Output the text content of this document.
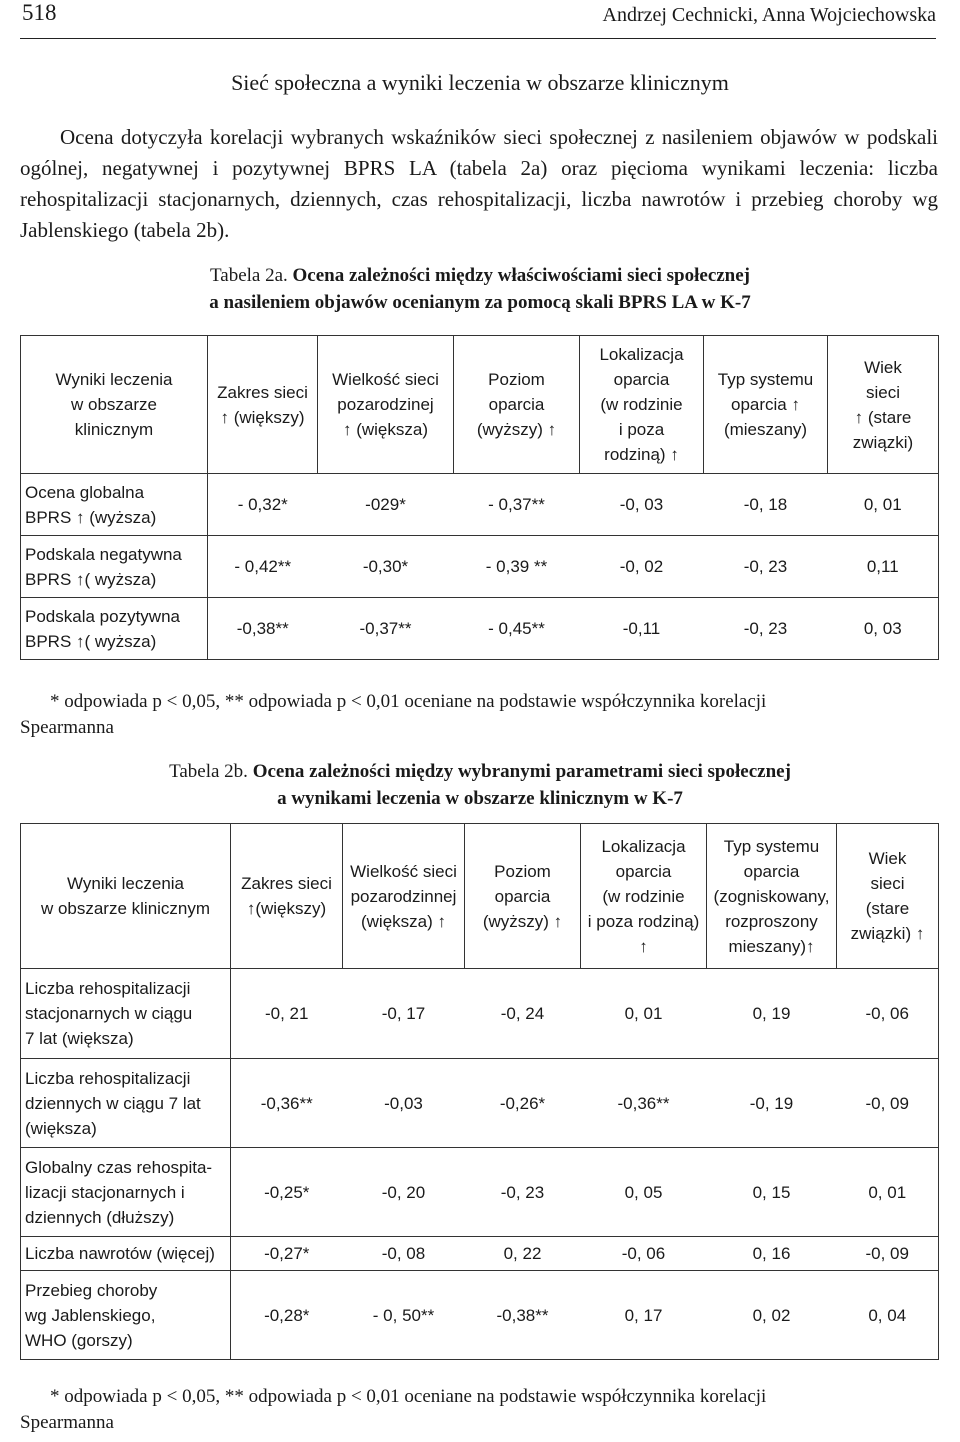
518	Andrzej Cechnicki, Anna Wojciechowska
Sieć społeczna a wyniki leczenia w obszarze klinicznym

Ocena dotyczyła korelacji wybranych wskaźników sieci społecznej z nasileniem objawów w podskali ogólnej, negatywnej i pozytywnej BPRS LA (tabela 2a) oraz pięcioma wynikami leczenia: liczba rehospitalizacji stacjonarnych, dziennych, czas rehospitalizacji, liczba nawrotów i przebieg choroby wg Jablenskiego (tabela 2b).

Tabela 2a. Ocena zależności między właściwościami sieci społecznej
a nasileniem objawów ocenianym za pomocą skali BPRS LA w K-7
Wyniki leczenia
w obszarze
klinicznym	Zakres sieci
↑ (większy)	Wielkość sieci
pozarodzinej
↑ (większa)	Poziom
oparcia
(wyższy) ↑	Lokalizacja
oparcia
(w rodzinie
i poza
rodziną) ↑	Typ systemu
oparcia ↑
(mieszany)	Wiek
sieci
↑ (stare
związki)
Ocena globalna
BPRS ↑ (wyższa)	- 0,32*	-029*	- 0,37**	-0, 03	-0, 18	0, 01
Podskala negatywna
BPRS ↑( wyższa)	- 0,42**	-0,30*	- 0,39 **	-0, 02	-0, 23	0,11
Podskala pozytywna
BPRS ↑( wyższa)	-0,38**	-0,37**	- 0,45**	-0,11	-0, 23	0, 03
* odpowiada p < 0,05, ** odpowiada p < 0,01 oceniane na podstawie współczynnika korelacji
Spearmanna
Tabela 2b. Ocena zależności między wybranymi parametrami sieci społecznej
a wynikami leczenia w obszarze klinicznym w K-7
Wyniki leczenia
w obszarze klinicznym	Zakres sieci
↑(większy)	Wielkość sieci
pozarodzinnej
(większa) ↑	Poziom
oparcia
(wyższy) ↑	Lokalizacja
oparcia
(w rodzinie
i poza rodziną)
↑	Typ systemu
oparcia
(zogniskowany,
rozproszony
mieszany)↑	Wiek
sieci
(stare
związki) ↑
Liczba rehospitalizacji
stacjonarnych w ciągu
7 lat (większa)	-0, 21	-0, 17	-0, 24	0, 01	0, 19	-0, 06
Liczba rehospitalizacji
dziennych w ciągu 7 lat
(większa)	-0,36**	-0,03	-0,26*	-0,36**	-0, 19	-0, 09
Globalny czas rehospita-
lizacji stacjonarnych i
dziennych (dłuższy)	-0,25*	-0, 20	-0, 23	0, 05	0, 15	0, 01
Liczba nawrotów (więcej)	-0,27*	-0, 08	0, 22	-0, 06	0, 16	-0, 09
Przebieg choroby
wg Jablenskiego,
WHO (gorszy)	-0,28*	- 0, 50**	-0,38**	0, 17	0, 02	0, 04
* odpowiada p < 0,05, ** odpowiada p < 0,01 oceniane na podstawie współczynnika korelacji
Spearmanna
